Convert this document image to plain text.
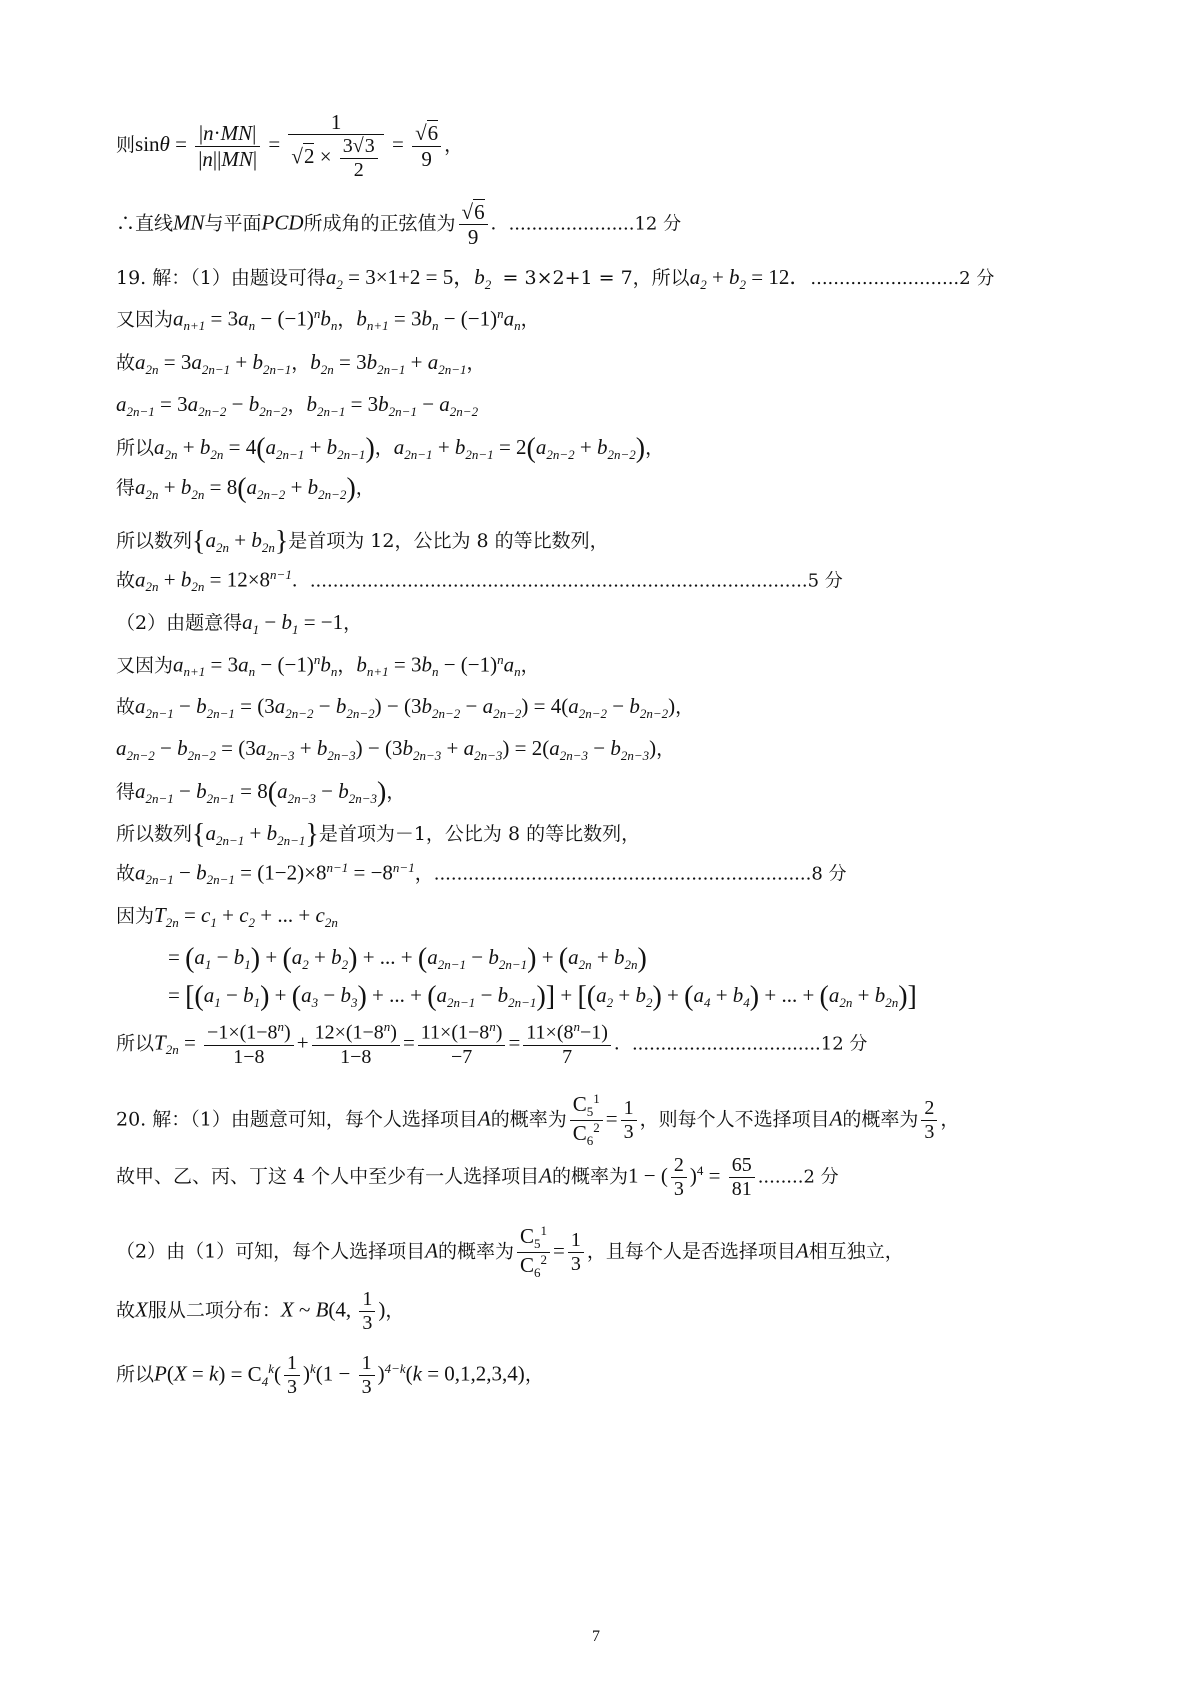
则$\sin\theta = \frac{|n\cdot MN|}{|n||MN|} = \frac{1}{√2 \times \frac{3√3}{2}} = \frac{√6}{9}$ ，
∴直线MN与平面PCD所成角的正弦值为 $\frac{√6}{9}$ ．......................12 分
19. 解：（1）由题设可得$a_2 = 3\times 1+2 = 5$，$b_2 = 3\times 2+1 = 7$，所以$a_2 + b_2 = 12$．..........................2 分
又因为$a_{n+1} = 3a_n - (-1)^nb_n$，$b_{n+1} = 3b_n - (-1)^na_n$，
故$a_{2n} = 3a_{2n-1} + b_{2n-1}$，$b_{2n} = 3b_{2n-1} + a_{2n-1}$，
$a_{2n-1} = 3a_{2n-2} - b_{2n-2}$，$b_{2n-1} = 3b_{2n-1} - a_{2n-2}$
所以$a_{2n} + b_{2n} = 4(a_{2n-1} + b_{2n-1})$，$a_{2n-1} + b_{2n-1} = 2(a_{2n-2} + b_{2n-2})$，
得$a_{2n} + b_{2n} = 8(a_{2n-2} + b_{2n-2})$，
所以数列$\{a_{2n} + b_{2n}\}$是首项为 12，公比为 8 的等比数列，
故$a_{2n} + b_{2n} = 12\times 8^{n-1}$．.......................................................................................5 分
（2）由题意得$a_1 - b_1 = -1$，
又因为$a_{n+1} = 3a_n - (-1)^nb_n$，$b_{n+1} = 3b_n - (-1)^na_n$，
故$a_{2n-1} - b_{2n-1} = (3a_{2n-2} - b_{2n-2}) - (3b_{2n-2} - a_{2n-2}) = 4(a_{2n-2} - b_{2n-2})$，
$a_{2n-2} - b_{2n-2} = (3a_{2n-3} + b_{2n-3}) - (3b_{2n-3} + a_{2n-3}) = 2(a_{2n-3} - b_{2n-3})$，
得$a_{2n-1} - b_{2n-1} = 8(a_{2n-3} - b_{2n-3})$，
所以数列$\{a_{2n-1} + b_{2n-1}\}$是首项为－1，公比为 8 的等比数列，
故$a_{2n-1} - b_{2n-1} = (1-2)\times 8^{n-1} = -8^{n-1}$，..................................................................8 分
因为$T_{2n} = c_1 + c_2$ + ... + $c_{2n}$
= $(a_1 - b_1) + (a_2 + b_2)$ + ... + $(a_{2n-1} - b_{2n-1}) + (a_{2n} + b_{2n})$
= [$(a_1 - b_1) + (a_3 - b_3)$ + ... + $(a_{2n-1} - b_{2n-1})] + [(a_2 + b_2) + (a_4 + b_4)$ + ... + $(a_{2n} + b_{2n})$]
所以$T_{2n} = \frac{-1\times(1-8^n)}{1-8} + \frac{12\times(1-8^n)}{1-8} = \frac{11\times(1-8^n)}{-7} = \frac{11\times(8^n-1)}{7}$ ．.................................12 分
20. 解：（1）由题意可知，每个人选择项目A的概率为 $\frac{C_5^1}{C_6^2} = \frac{1}{3}$ ，则每个人不选择项目A的概率为 $\frac{2}{3}$ ，
故甲、乙、丙、丁这 4 个人中至少有一人选择项目A的概率为1 − ( $\frac{2}{3} )^4 = \frac{65}{81} ........2$ 分
（2）由（1）可知，每个人选择项目A的概率为 $\frac{C_5^1}{C_6^2} = \frac{1}{3}$ ，且每个人是否选择项目A相互独立，
故X服从二项分布：X ~ B(4, $\frac{1}{3}$ )，
所以$P(X = k) = C_4^k( \frac{1}{3} )^k(1 - \frac{1}{3} )^{4-k}(k = 0,1,2,3,4)$，
7
